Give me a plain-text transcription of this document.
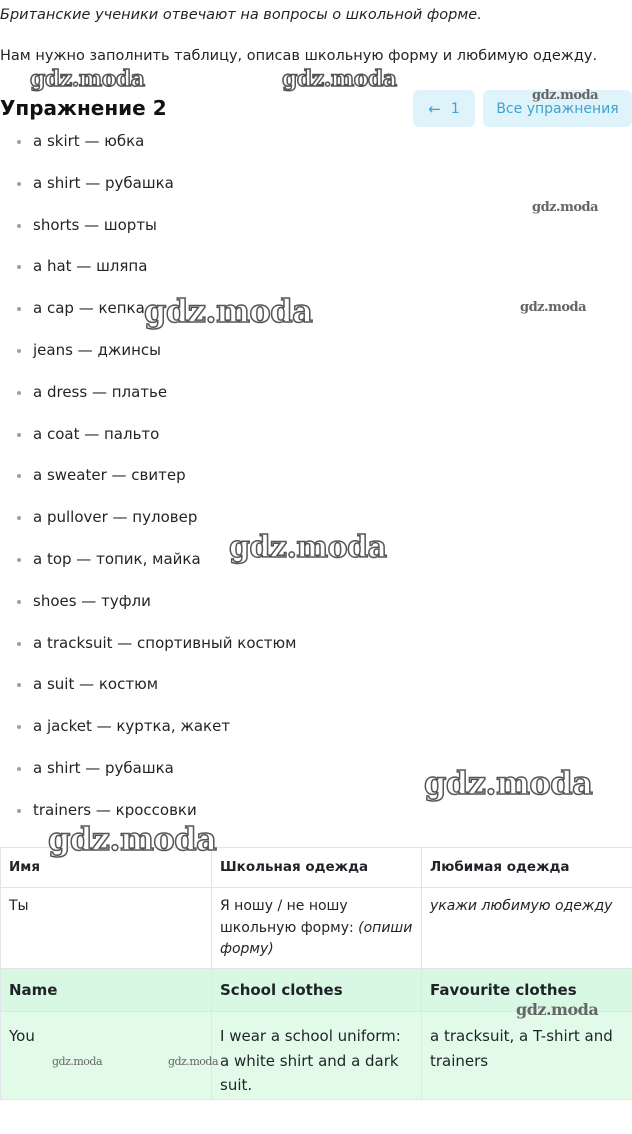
Британские ученики отвечают на вопросы о школьной форме.
Нам нужно заполнить таблицу, описав школьную форму и любимую одежду.
Упражнение 2	← 1	Все упражнения
a skirt — юбка
a shirt — рубашка
shorts — шорты
a hat — шляпа
a cap — кепка
jeans — джинсы
a dress — платье
a coat — пальто
a sweater — свитер
a pullover — пуловер
a top — топик, майка
shoes — туфли
a tracksuit — спортивный костюм
a suit — костюм
a jacket — куртка, жакет
a shirt — рубашка
trainers — кроссовки
Имя	Школьная одежда	Любимая одежда
Ты	Я ношу / не ношу школьную форму: (опиши форму)	укажи любимую одежду
Name	School clothes	Favourite clothes
You	I wear a school uniform: a white shirt and a dark suit.	a tracksuit, a T-shirt and trainers
gdz.moda	gdz.moda
gdz.moda
gdz.moda
gdz.moda	gdz.moda
gdz.moda
gdz.moda
gdz.moda
gdz.moda
gdz.moda	gdz.moda
